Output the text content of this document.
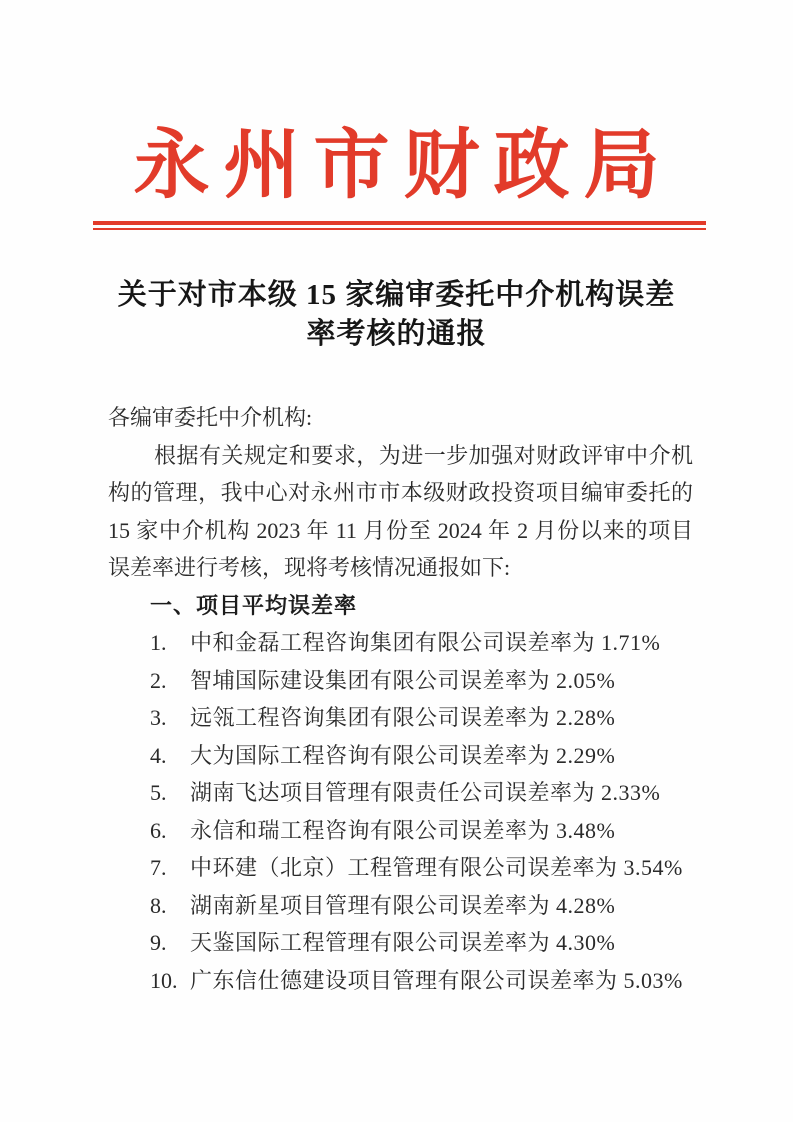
永州市财政局
关于对市本级 15 家编审委托中介机构误差
率考核的通报
各编审委托中介机构:
根据有关规定和要求，为进一步加强对财政评审中介机
构的管理，我中心对永州市市本级财政投资项目编审委托的
15 家中介机构 2023 年 11 月份至 2024 年 2 月份以来的项目
误差率进行考核，现将考核情况通报如下:
一、项目平均误差率
1.	中和金磊工程咨询集团有限公司误差率为 1.71%
2.	智埔国际建设集团有限公司误差率为 2.05%
3.	远瓴工程咨询集团有限公司误差率为 2.28%
4.	大为国际工程咨询有限公司误差率为 2.29%
5.	湖南飞达项目管理有限责任公司误差率为 2.33%
6.	永信和瑞工程咨询有限公司误差率为 3.48%
7.	中环建（北京）工程管理有限公司误差率为 3.54%
8.	湖南新星项目管理有限公司误差率为 4.28%
9.	天鉴国际工程管理有限公司误差率为 4.30%
10. 广东信仕德建设项目管理有限公司误差率为 5.03%
